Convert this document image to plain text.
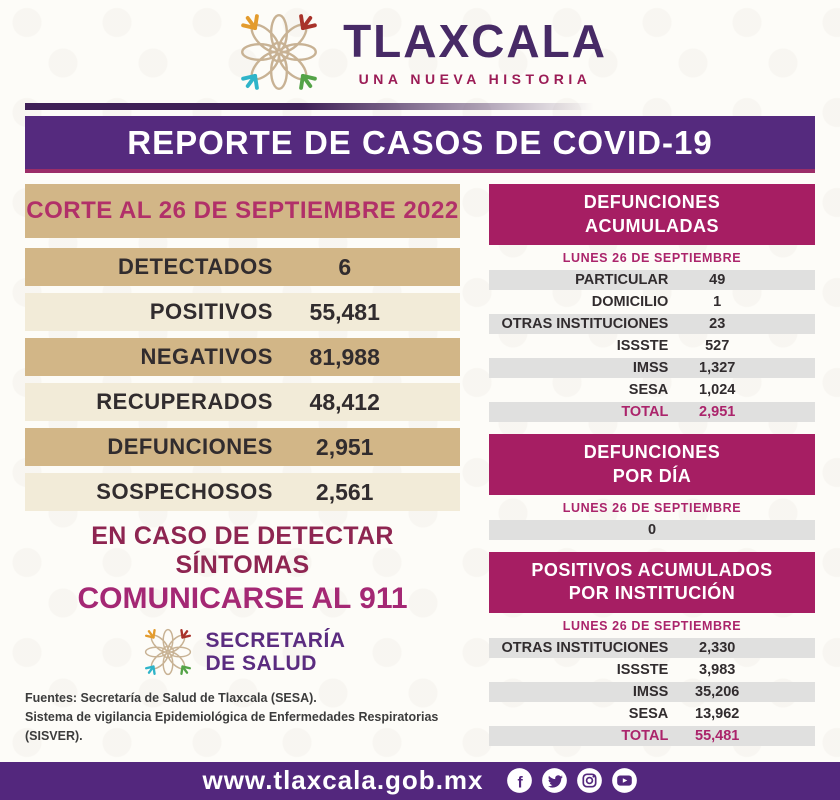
TLAXCALA
UNA NUEVA HISTORIA
REPORTE DE CASOS DE COVID-19
CORTE AL 26 DE SEPTIEMBRE 2022
DETECTADOS	6
POSITIVOS	55,481
NEGATIVOS	81,988
RECUPERADOS	48,412
DEFUNCIONES	2,951
SOSPECHOSOS	2,561
EN CASO DE DETECTAR SÍNTOMAS
COMUNICARSE AL 911
SECRETARÍA
DE SALUD
Fuentes: Secretaría de Salud de Tlaxcala (SESA).
Sistema de vigilancia Epidemiológica de Enfermedades Respiratorias (SISVER).
DEFUNCIONES
ACUMULADAS
LUNES 26 DE SEPTIEMBRE
PARTICULAR	49
DOMICILIO	1
OTRAS INSTITUCIONES	23
ISSSTE	527
IMSS	1,327
SESA	1,024
TOTAL	2,951
DEFUNCIONES
POR DÍA
LUNES 26 DE SEPTIEMBRE
0
POSITIVOS ACUMULADOS
POR INSTITUCIÓN
LUNES 26 DE SEPTIEMBRE
OTRAS INSTITUCIONES	2,330
ISSSTE	3,983
IMSS	35,206
SESA	13,962
TOTAL	55,481
www.tlaxcala.gob.mx f
